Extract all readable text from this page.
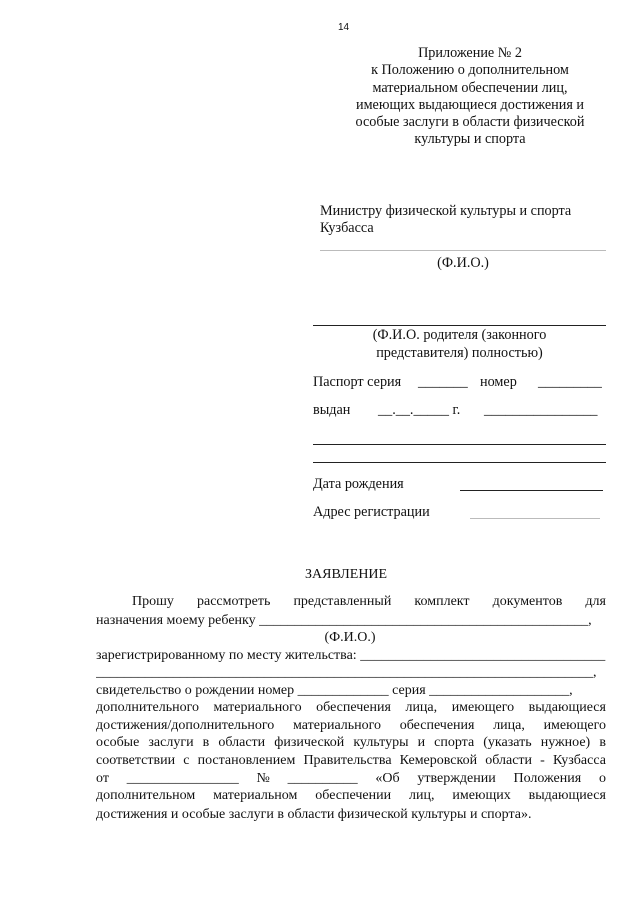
14
Приложение № 2
к Положению о дополнительном
материальном обеспечении лиц,
имеющих выдающиеся достижения и
особые заслуги в области физической
культуры и спорта
Министру физической культуры и спорта
Кузбасса
(Ф.И.О.)
(Ф.И.О. родителя (законного
представителя) полностью)
Паспорт серия _______ номер _________
выдан __.__._____ г. ________________
Дата рождения
Адрес регистрации
ЗАЯВЛЕНИЕ
Прошу рассмотреть представленный комплект документов для
назначения моему ребенку _______________________________________________,
(Ф.И.О.)
зарегистрированному по месту жительства: ___________________________________
_______________________________________________________________________,
свидетельство о рождении номер _____________ серия ____________________,
дополнительного материального обеспечения лица, имеющего выдающиеся
достижения/дополнительного материального обеспечения лица, имеющего
особые заслуги в области физической культуры и спорта (указать нужное) в
соответствии с постановлением Правительства Кемеровской области - Кузбасса
от ________________ № __________ «Об утверждении Положения о
дополнительном материальном обеспечении лиц, имеющих выдающиеся
достижения и особые заслуги в области физической культуры и спорта».
